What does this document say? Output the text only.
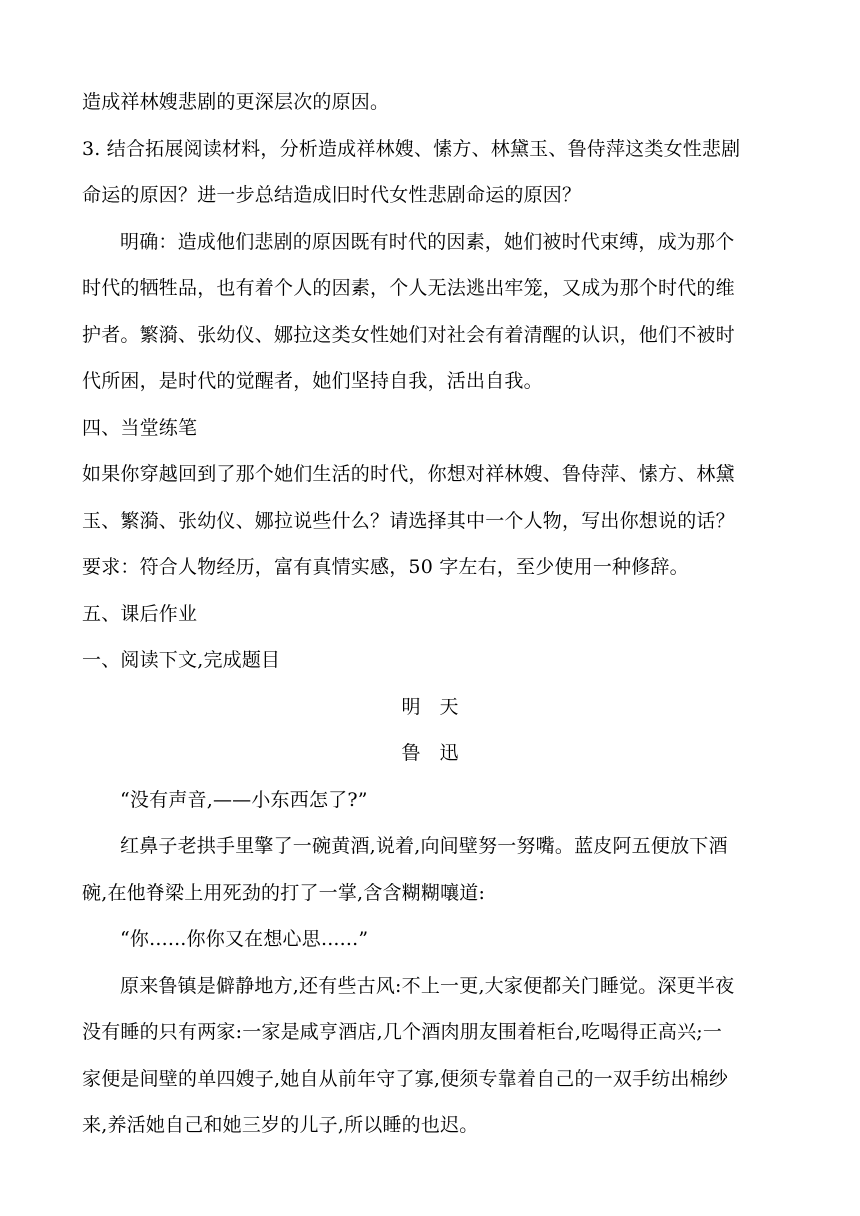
造成祥林嫂悲剧的更深层次的原因。
3. 结合拓展阅读材料，分析造成祥林嫂、愫方、林黛玉、鲁侍萍这类女性悲剧
命运的原因？进一步总结造成旧时代女性悲剧命运的原因？
明确：造成他们悲剧的原因既有时代的因素，她们被时代束缚，成为那个
时代的牺牲品，也有着个人的因素，个人无法逃出牢笼，又成为那个时代的维
护者。繁漪、张幼仪、娜拉这类女性她们对社会有着清醒的认识，他们不被时
代所困，是时代的觉醒者，她们坚持自我，活出自我。
四、当堂练笔
如果你穿越回到了那个她们生活的时代，你想对祥林嫂、鲁侍萍、愫方、林黛
玉、繁漪、张幼仪、娜拉说些什么？请选择其中一个人物，写出你想说的话？
要求：符合人物经历，富有真情实感，50 字左右，至少使用一种修辞。
五、课后作业
一、阅读下文,完成题目
明　天
鲁　迅
“没有声音,——小东西怎了?”
红鼻子老拱手里擎了一碗黄酒,说着,向间壁努一努嘴。蓝皮阿五便放下酒
碗,在他脊梁上用死劲的打了一掌,含含糊糊嚷道:
“你......你你又在想心思......”
原来鲁镇是僻静地方,还有些古风:不上一更,大家便都关门睡觉。深更半夜
没有睡的只有两家:一家是咸亨酒店,几个酒肉朋友围着柜台,吃喝得正高兴;一
家便是间壁的单四嫂子,她自从前年守了寡,便须专靠着自己的一双手纺出棉纱
来,养活她自己和她三岁的儿子,所以睡的也迟。
